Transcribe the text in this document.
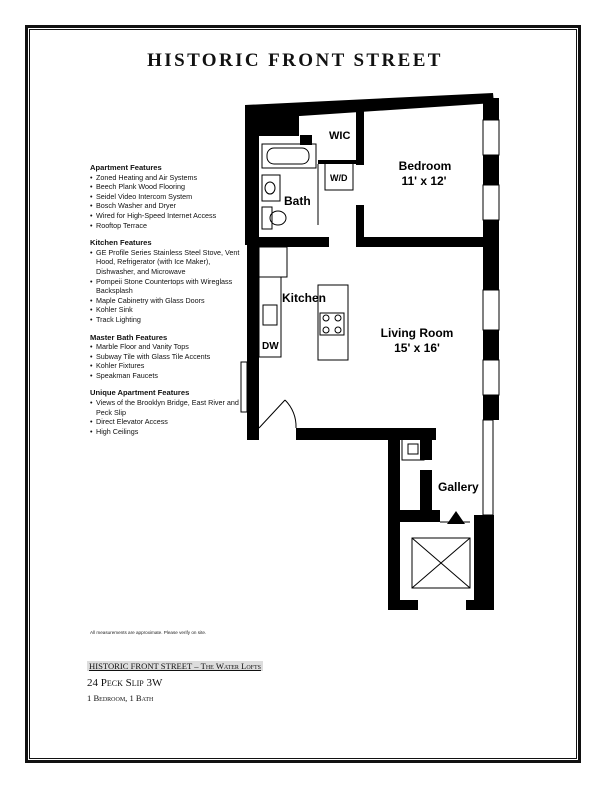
HISTORIC FRONT STREET
Apartment Features
• Zoned Heating and Air Systems
• Beech Plank Wood Flooring
• Seidel Video Intercom System
• Bosch Washer and Dryer
• Wired for High-Speed Internet Access
• Rooftop Terrace
Kitchen Features
• GE Profile Series Stainless Steel Stove, Vent Hood, Refrigerator (with Ice Maker), Dishwasher, and Microwave
• Pompeii Stone Countertops with Wireglass Backsplash
• Maple Cabinetry with Glass Doors
• Kohler Sink
• Track Lighting
Master Bath Features
• Marble Floor and Vanity Tops
• Subway Tile with Glass Tile Accents
• Kohler Fixtures
• Speakman Faucets
Unique Apartment Features
• Views of the Brooklyn Bridge, East River and Peck Slip
• Direct Elevator Access
• High Ceilings
WIC
W/D
Bedroom
11' x 12'
Bath
Kitchen
DW
Living Room
15' x 16'
Gallery
All measurements are approximate. Please verify on site.
HISTORIC FRONT STREET – The Water Lofts
24 Peck Slip 3W
1 Bedroom, 1 Bath
